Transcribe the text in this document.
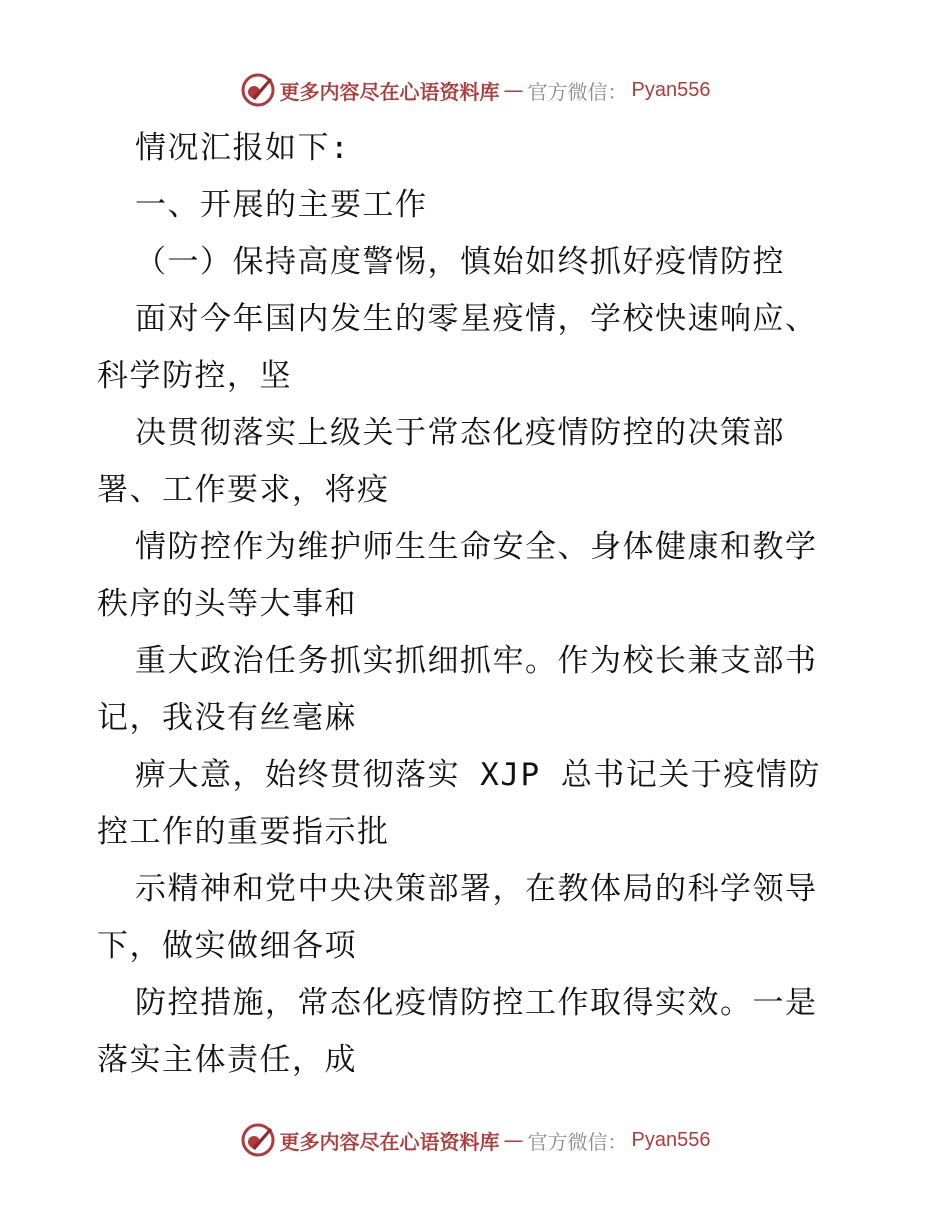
更多内容尽在心语资料库 — 官方微信： Pyan556
情况汇报如下:
一、开展的主要工作
（一）保持高度警惕，慎始如终抓好疫情防控
面对今年国内发生的零星疫情，学校快速响应、
科学防控，坚
决贯彻落实上级关于常态化疫情防控的决策部
署、工作要求，将疫
情防控作为维护师生生命安全、身体健康和教学
秩序的头等大事和
重大政治任务抓实抓细抓牢。作为校长兼支部书
记，我没有丝毫麻
痹大意，始终贯彻落实 XJP 总书记关于疫情防
控工作的重要指示批
示精神和党中央决策部署，在教体局的科学领导
下，做实做细各项
防控措施，常态化疫情防控工作取得实效。一是
落实主体责任，成
更多内容尽在心语资料库 — 官方微信： Pyan556
